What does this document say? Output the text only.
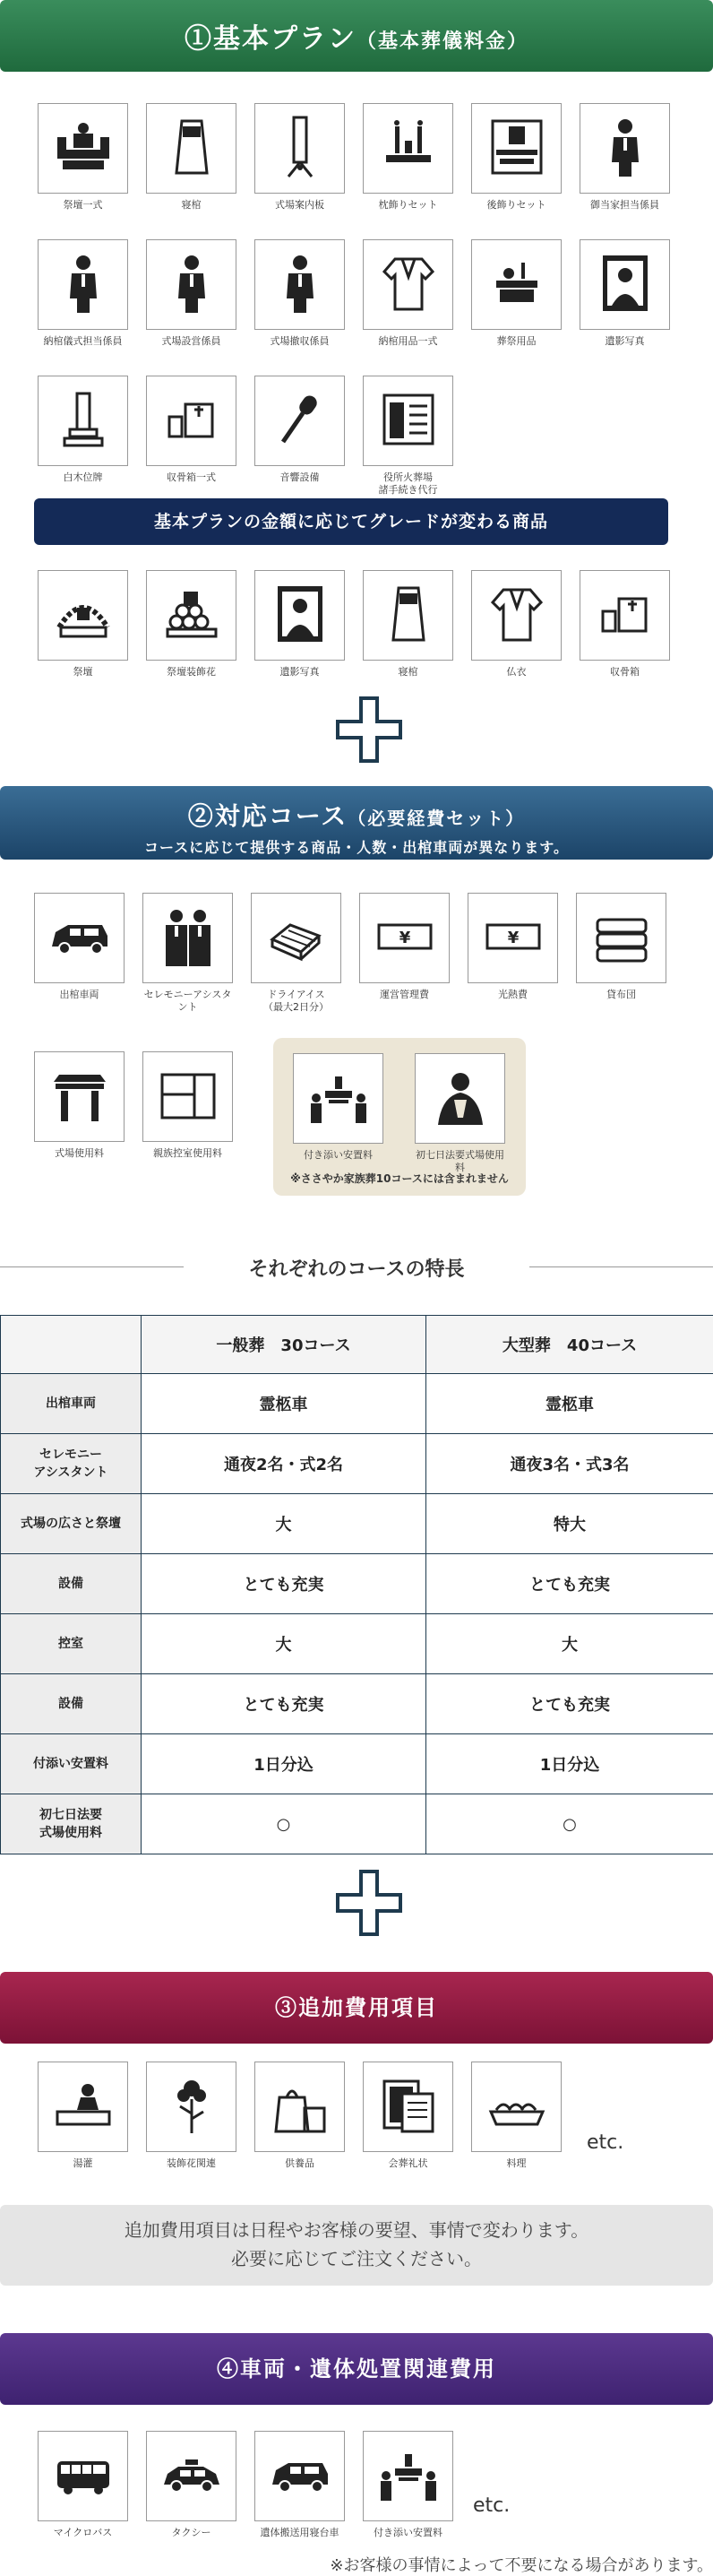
①基本プラン（基本葬儀料金）
祭壇一式	寝棺	式場案内板	枕飾りセット	後飾りセット	御当家担当係員
納棺儀式担当係員	式場設営係員	式場撤収係員	納棺用品一式	葬祭用品	遺影写真
白木位牌	収骨箱一式	音響設備	役所火葬場
諸手続き代行
基本プランの金額に応じてグレードが変わる商品
祭壇	祭壇装飾花	遺影写真	寝棺	仏衣	収骨箱
②対応コース（必要経費セット）
コースに応じて提供する商品・人数・出棺車両が異なります。
出棺車両	セレモニーアシスタント
ドライアイス
（最大2日分）
¥
運営管理費
¥
光熱費	貸布団
式場使用料	親族控室使用料	付き添い安置料	初七日法要式場使用料
※ささやか家族葬10コースには含まれません
それぞれのコースの特長
	一般葬　30コース	大型葬　40コース
出棺車両	霊柩車	霊柩車
セレモニー
アシスタント	通夜2名・式2名	通夜3名・式3名
式場の広さと祭壇	大	特大
設備	とても充実	とても充実
控室	大	大
設備	とても充実	とても充実
付添い安置料	1日分込	1日分込
初七日法要
式場使用料	○	○
③追加費用項目
湯灌	装飾花関連	供養品	会葬礼状	料理
etc.
追加費用項目は日程やお客様の要望、事情で変わります。
必要に応じてご注文ください。
④車両・遺体処置関連費用
マイクロバス	タクシー	遺体搬送用寝台車	付き添い安置料
etc.
※お客様の事情によって不要になる場合があります。
